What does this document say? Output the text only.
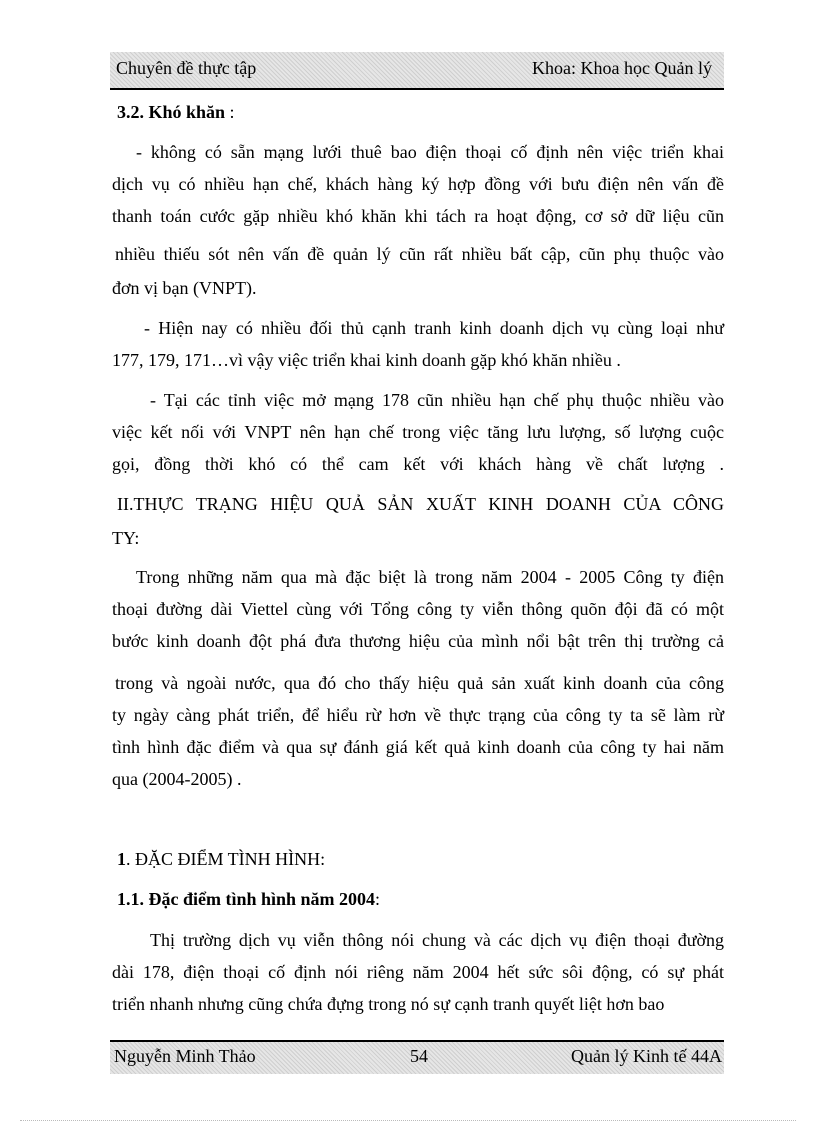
Chuyên đề thực tập	Khoa: Khoa học Quản lý
3.2. Khó khăn :
- không có sẵn mạng lưới thuê bao điện thoại cố định nên việc triển khai
dịch vụ có nhiều hạn chế, khách hàng ký hợp đồng với bưu điện nên vấn đề
thanh toán cước gặp nhiều khó khăn khi tách ra hoạt động, cơ sở dữ liệu cũn
nhiều thiếu sót nên vấn đề quản lý cũn rất nhiều bất cập, cũn phụ thuộc vào
đơn vị bạn (VNPT).
- Hiện nay có nhiều đối thủ cạnh tranh kinh doanh dịch vụ cùng loại như
177, 179, 171…vì vậy việc triển khai kinh doanh gặp khó khăn nhiều .
- Tại các tỉnh việc mở mạng 178 cũn nhiều hạn chế phụ thuộc nhiều vào
việc kết nối với VNPT nên hạn chế trong việc tăng lưu lượng, số lượng cuộc
gọi, đồng thời khó có thể cam kết với khách hàng về chất lượng .
II.THỰC TRẠNG HIỆU QUẢ SẢN XUẤT KINH DOANH CỦA CÔNG
TY:
Trong những năm qua mà đặc biệt là trong năm 2004 - 2005 Công ty điện
thoại đường dài Viettel cùng với Tổng công ty viễn thông quõn đội đã có một
bước kinh doanh đột phá đưa thương hiệu của mình nổi bật trên thị trường cả
trong và ngoài nước, qua đó cho thấy hiệu quả sản xuất kinh doanh của công
ty ngày càng phát triển, để hiểu rừ hơn về thực trạng của công ty ta sẽ làm rừ
tình hình đặc điểm và qua sự đánh giá kết quả kinh doanh của công ty hai năm
qua (2004-2005) .
1. ĐẶC ĐIỂM TÌNH HÌNH:
1.1. Đặc điểm tình hình năm 2004:
Thị trường dịch vụ viễn thông nói chung và các dịch vụ điện thoại đường
dài 178, điện thoại cố định nói riêng năm 2004 hết sức sôi động, có sự phát
triển nhanh nhưng cũng chứa đựng trong nó sự cạnh tranh quyết liệt hơn bao
Nguyễn Minh Thảo	54	Quản lý Kinh tế 44A
